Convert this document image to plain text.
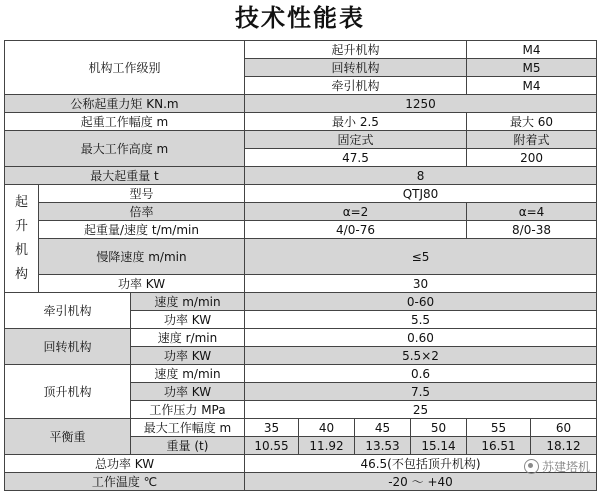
技术性能表
机构工作级别			起升机构				M4	
			回转机构				M5	
			牵引机构				M4	
公称起重力矩 KN.m			1250					
起重工作幅度 m			最小 2.5				最大 60	
最大工作高度 m			固定式				附着式	
			47.5				200	
最大起重量 t			8					
起
升
机
构	型号		QTJ80					
	倍率		α=2				α=4	
	起重量/速度 t/m/min		4/0-76				8/0-38	
	慢降速度 m/min		≤5					
	功率 KW		30					
牵引机构		速度 m/min	0-60					
		功率 KW	5.5					
回转机构		速度 r/min	0.60					
		功率 KW	5.5×2					
顶升机构		速度 m/min	0.6					
		功率 KW	7.5					
		工作压力 MPa	25					
平衡重		最大工作幅度 m	35	40	45	50	55	60
		重量 (t)	10.55	11.92	13.53	15.14	16.51	18.12
总功率 KW			46.5(不包括顶升机构)					
工作温度 ℃			-20 ～ +40					
苏建塔机
